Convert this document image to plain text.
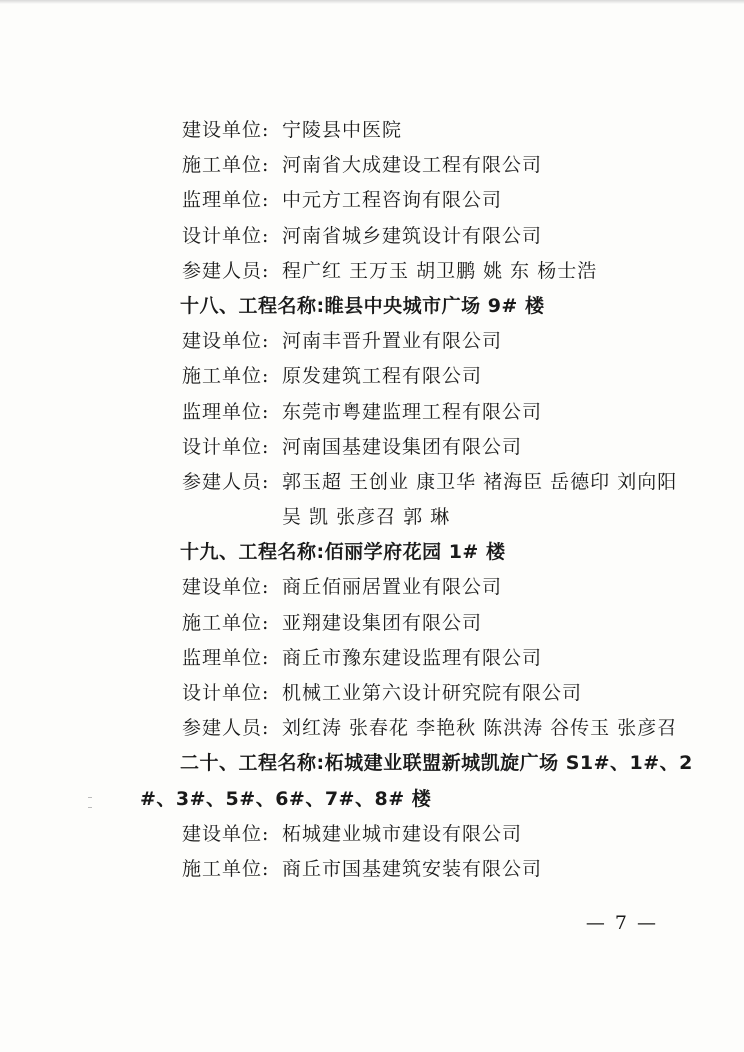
建设单位: 宁陵县中医院
施工单位: 河南省大成建设工程有限公司
监理单位: 中元方工程咨询有限公司
设计单位: 河南省城乡建筑设计有限公司
参建人员: 程广红 王万玉 胡卫鹏 姚 东 杨士浩
十八、工程名称:睢县中央城市广场 9# 楼
建设单位: 河南丰晋升置业有限公司
施工单位: 原发建筑工程有限公司
监理单位: 东莞市粤建监理工程有限公司
设计单位: 河南国基建设集团有限公司
参建人员: 郭玉超 王创业 康卫华 褚海臣 岳德印 刘向阳
吴 凯 张彦召 郭 琳
十九、工程名称:佰丽学府花园 1# 楼
建设单位: 商丘佰丽居置业有限公司
施工单位: 亚翔建设集团有限公司
监理单位: 商丘市豫东建设监理有限公司
设计单位: 机械工业第六设计研究院有限公司
参建人员: 刘红涛 张春花 李艳秋 陈洪涛 谷传玉 张彦召
二十、工程名称:柘城建业联盟新城凯旋广场 S1#、1#、2
#、3#、5#、6#、7#、8# 楼
建设单位: 柘城建业城市建设有限公司
施工单位: 商丘市国基建筑安装有限公司
— 7 —
